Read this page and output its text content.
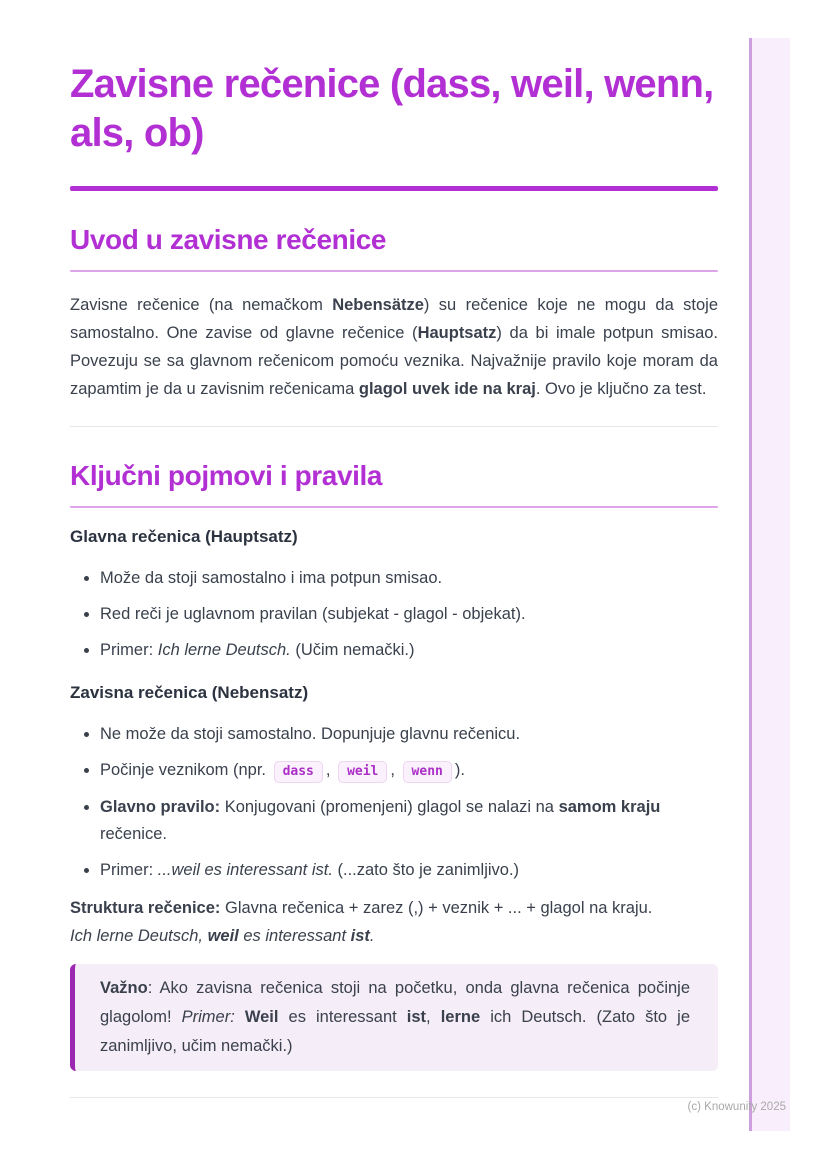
Zavisne rečenice (dass, weil, wenn, als, ob)
Uvod u zavisne rečenice

Zavisne rečenice (na nemačkom Nebensätze) su rečenice koje ne mogu da stoje samostalno. One zavise od glavne rečenice (Hauptsatz) da bi imale potpun smisao. Povezuju se sa glavnom rečenicom pomoću veznika. Najvažnije pravilo koje moram da zapamtim je da u zavisnim rečenicama glagol uvek ide na kraj. Ovo je ključno za test.

Ključni pojmovi i pravila
Glavna rečenica (Hauptsatz)
• Može da stoji samostalno i ima potpun smisao.
• Red reči je uglavnom pravilan (subjekat - glagol - objekat).
• Primer: Ich lerne Deutsch. (Učim nemački.)
Zavisna rečenica (Nebensatz)
• Ne može da stoji samostalno. Dopunjuje glavnu rečenicu.
• Počinje veznikom (npr. dass , weil , wenn ).
• Glavno pravilo: Konjugovani (promenjeni) glagol se nalazi na samom kraju rečenice.
• Primer: ...weil es interessant ist. (...zato što je zanimljivo.)

Struktura rečenice: Glavna rečenica + zarez (,) + veznik + ... + glagol na kraju.

Ich lerne Deutsch, weil es interessant ist.

Važno: Ako zavisna rečenica stoji na početku, onda glavna rečenica počinje glagolom! Primer: Weil es interessant ist, lerne ich Deutsch. (Zato što je zanimljivo, učim nemački.)
(c) Knowunity 2025
